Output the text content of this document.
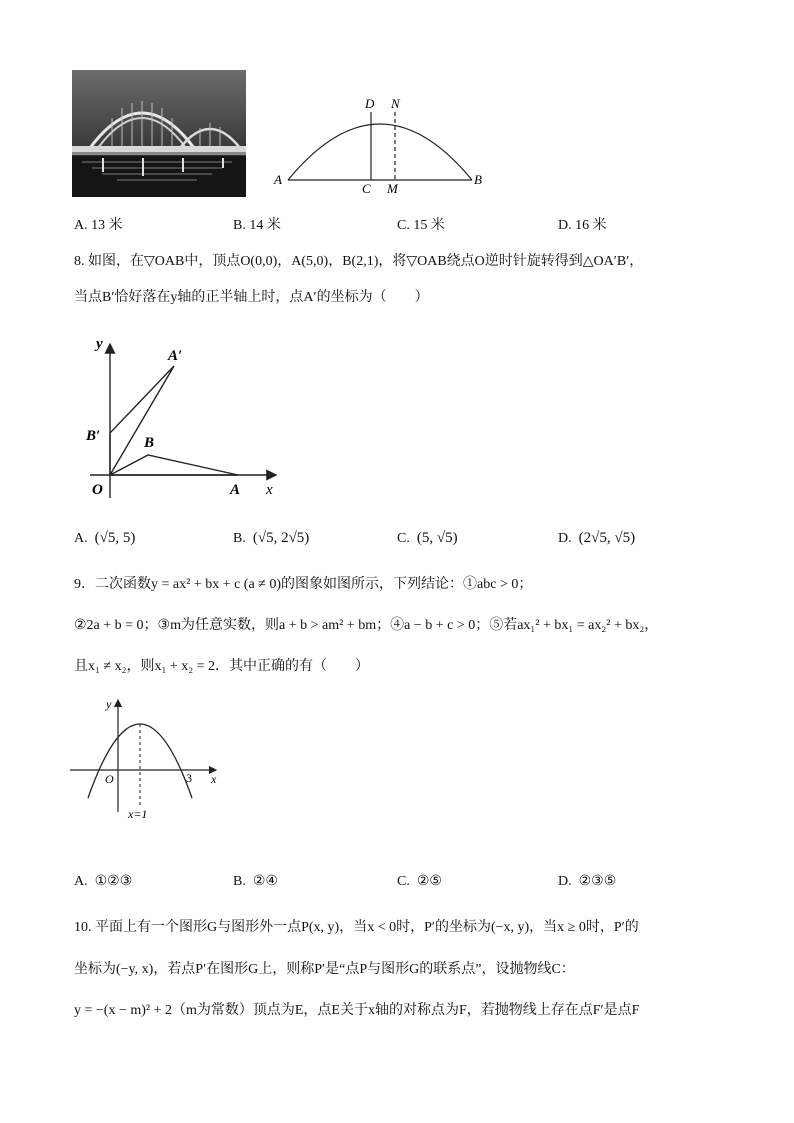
D N
A
C M
B
A. 13 米	B. 14 米	C. 15 米	D. 16 米
8. 如图，在▽OAB中，顶点O(0,0)，A(5,0)，B(2,1)，将▽OAB绕点O逆时针旋转得到△OA′B′，
当点B′恰好落在y轴的正半轴上时，点A′的坐标为（　　）
y
x
O	A
B
A′
B′
A. (√5, 5)	B. (√5, 2√5)	C. (5, √5)	D. (2√5, √5)
9．二次函数y = ax² + bx + c (a ≠ 0)的图象如图所示，下列结论：①abc > 0；
②2a + b = 0；③m为任意实数，则a + b > am² + bm；④a − b + c > 0；⑤若ax₁² + bx₁ = ax₂² + bx₂，
且x₁ ≠ x₂，则x₁ + x₂ = 2．其中正确的有（　　）
y
x
O	3
x=1
A. ①②③	B. ②④	C. ②⑤	D. ②③⑤
10. 平面上有一个图形G与图形外一点P(x, y)，当x < 0时，P′的坐标为(−x, y)，当x ≥ 0时，P′的
坐标为(−y, x)，若点P′在图形G上，则称P′是“点P与图形G的联系点”，设抛物线C：
y = −(x − m)² + 2（m为常数）顶点为E，点E关于x轴的对称点为F，若抛物线上存在点F′是点F
